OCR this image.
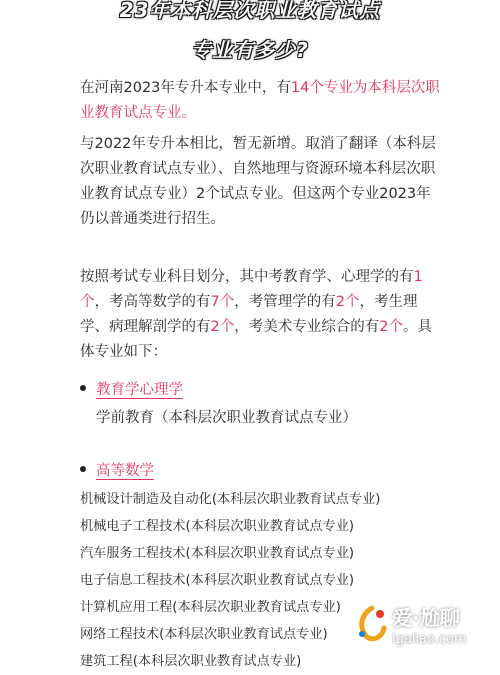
23年本科层次职业教育试点
专业有多少?
在河南2023年专升本专业中，有14个专业为本科层次职业教育试点专业。
与2022年专升本相比，暂无新增。取消了翻译（本科层次职业教育试点专业）、自然地理与资源环境本科层次职业教育试点专业）2个试点专业。但这两个专业2023年仍以普通类进行招生。
按照考试专业科目划分，其中考教育学、心理学的有1个，考高等数学的有7个，考管理学的有2个，考生理学、病理解剖学的有2个，考美术专业综合的有2个。具体专业如下：
教育学心理学
学前教育（本科层次职业教育试点专业）
高等数学
机械设计制造及自动化(本科层次职业教育试点专业)
机械电子工程技术(本科层次职业教育试点专业)
汽车服务工程技术(本科层次职业教育试点专业)
电子信息工程技术(本科层次职业教育试点专业)
计算机应用工程(本科层次职业教育试点专业)
网络工程技术(本科层次职业教育试点专业)
建筑工程(本科层次职业教育试点专业)
爱·尬聊
igaliao.com
